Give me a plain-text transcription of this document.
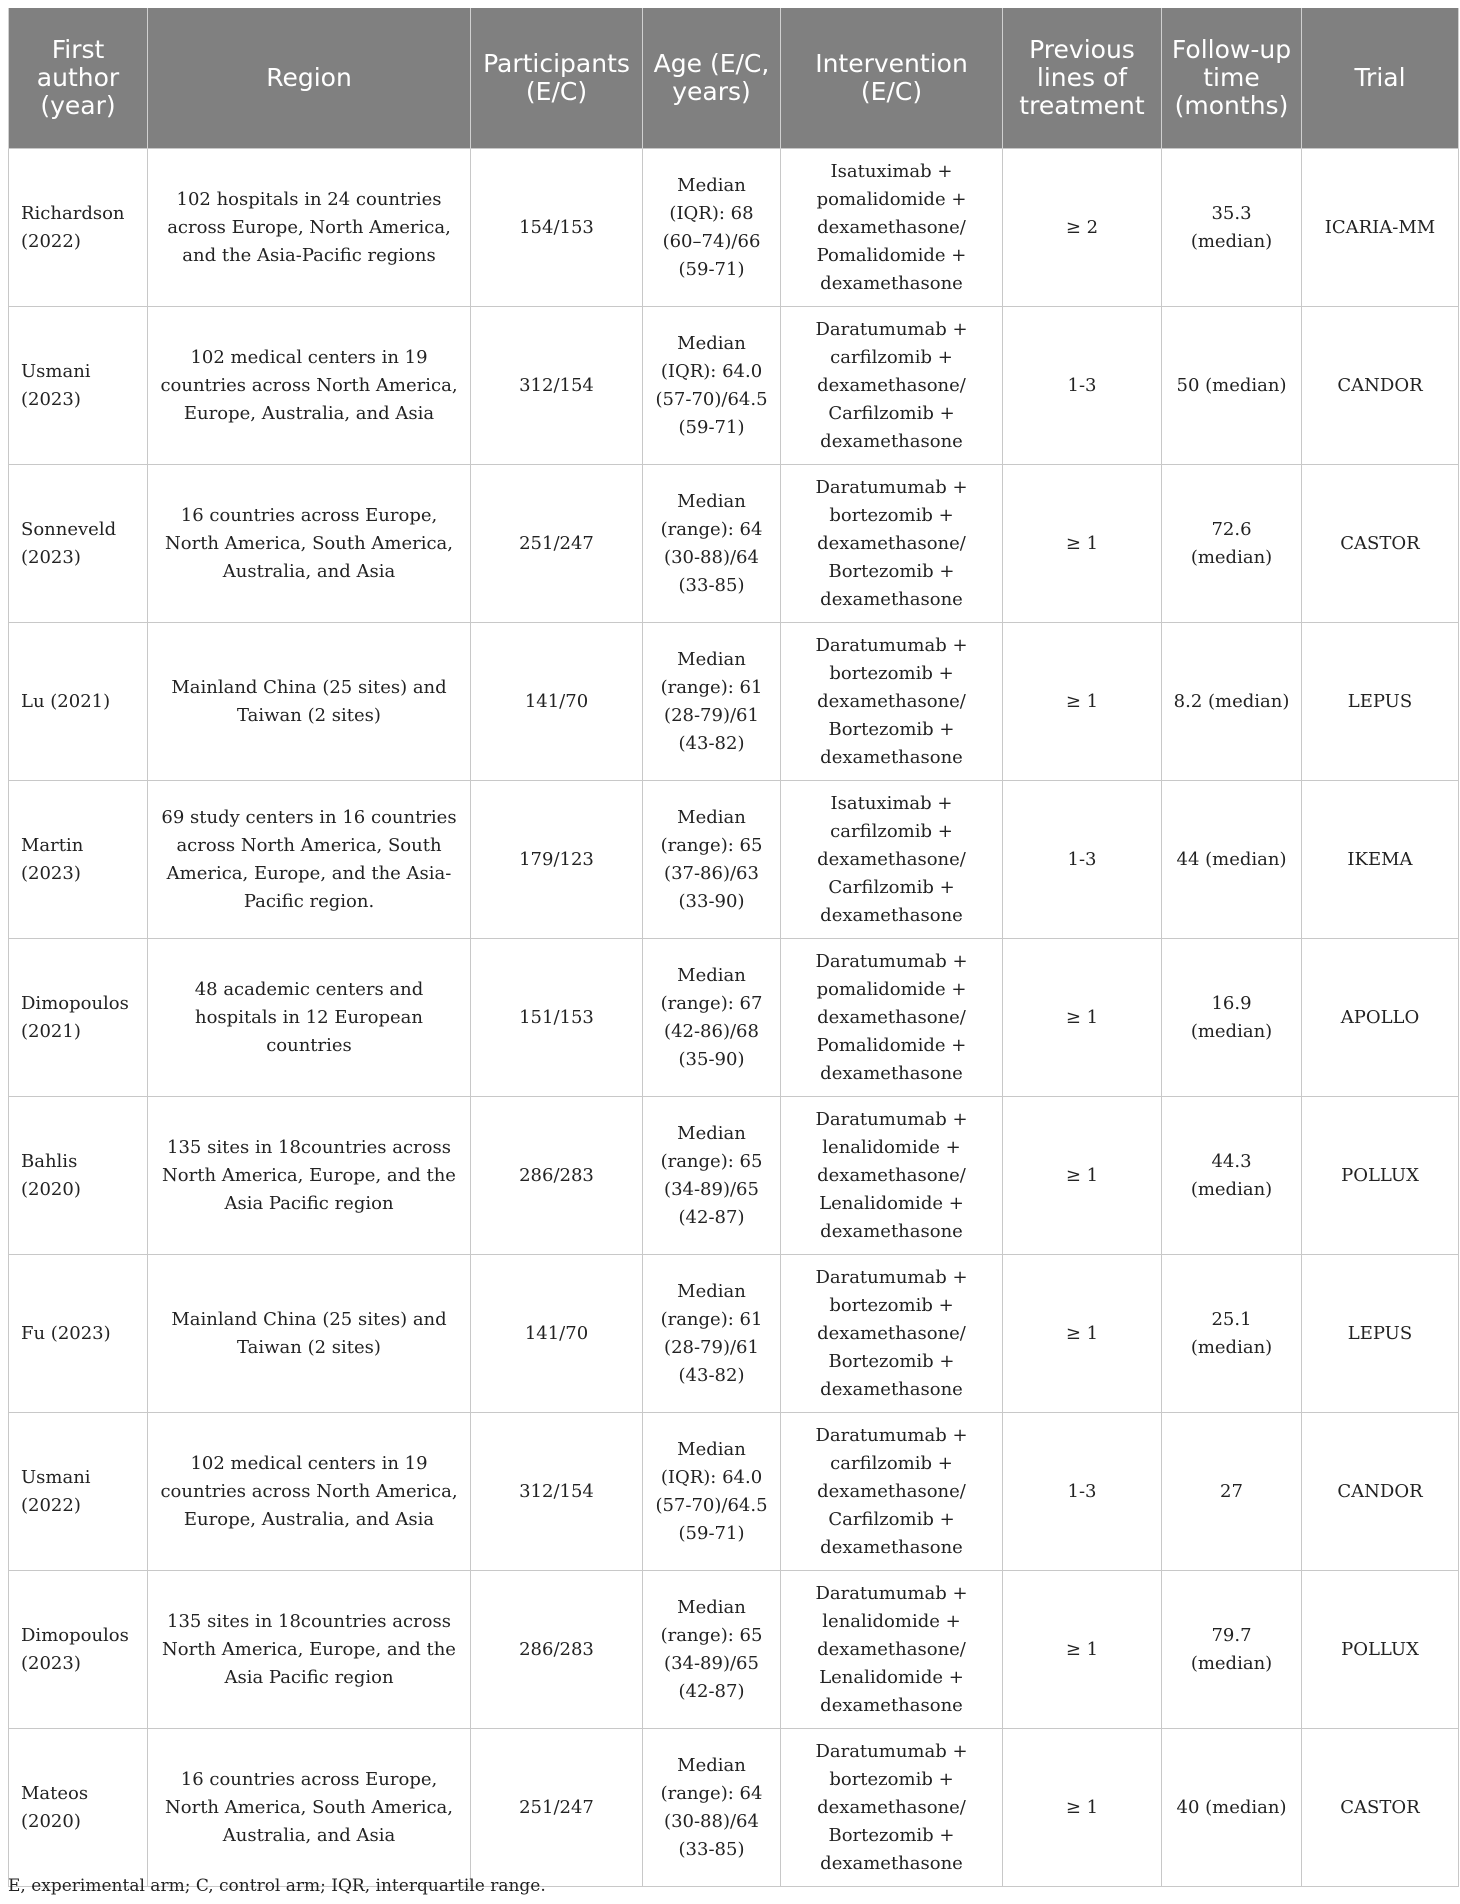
First author (year)	Region	Participants (E/C)	Age (E/C, years)	Intervention (E/C)	Previous lines of treatment	Follow-up time (months)	Trial
Richardson (2022)	102 hospitals in 24 countries across Europe, North America, and the Asia-Pacific regions	154/153	Median (IQR): 68 (60–74)/66 (59-71)	Isatuximab + pomalidomide + dexamethasone/ Pomalidomide + dexamethasone	≥ 2	35.3 (median)	ICARIA-MM
Usmani (2023)	102 medical centers in 19 countries across North America, Europe, Australia, and Asia	312/154	Median (IQR): 64.0 (57-70)/64.5 (59-71)	Daratumumab + carfilzomib + dexamethasone/ Carfilzomib + dexamethasone	1-3	50 (median)	CANDOR
Sonneveld (2023)	16 countries across Europe, North America, South America, Australia, and Asia	251/247	Median (range): 64 (30-88)/64 (33-85)	Daratumumab + bortezomib + dexamethasone/ Bortezomib + dexamethasone	≥ 1	72.6 (median)	CASTOR
Lu (2021)	Mainland China (25 sites) and Taiwan (2 sites)	141/70	Median (range): 61 (28-79)/61 (43-82)	Daratumumab + bortezomib + dexamethasone/ Bortezomib + dexamethasone	≥ 1	8.2 (median)	LEPUS
Martin (2023)	69 study centers in 16 countries across North America, South America, Europe, and the Asia-Pacific region.	179/123	Median (range): 65 (37-86)/63 (33-90)	Isatuximab + carfilzomib + dexamethasone/ Carfilzomib + dexamethasone	1-3	44 (median)	IKEMA
Dimopoulos (2021)	48 academic centers and hospitals in 12 European countries	151/153	Median (range): 67 (42-86)/68 (35-90)	Daratumumab + pomalidomide + dexamethasone/ Pomalidomide + dexamethasone	≥ 1	16.9 (median)	APOLLO
Bahlis (2020)	135 sites in 18countries across North America, Europe, and the Asia Pacific region	286/283	Median (range): 65 (34-89)/65 (42-87)	Daratumumab + lenalidomide + dexamethasone/ Lenalidomide + dexamethasone	≥ 1	44.3 (median)	POLLUX
Fu (2023)	Mainland China (25 sites) and Taiwan (2 sites)	141/70	Median (range): 61 (28-79)/61 (43-82)	Daratumumab + bortezomib + dexamethasone/ Bortezomib + dexamethasone	≥ 1	25.1 (median)	LEPUS
Usmani (2022)	102 medical centers in 19 countries across North America, Europe, Australia, and Asia	312/154	Median (IQR): 64.0 (57-70)/64.5 (59-71)	Daratumumab + carfilzomib + dexamethasone/ Carfilzomib + dexamethasone	1-3	27	CANDOR
Dimopoulos (2023)	135 sites in 18countries across North America, Europe, and the Asia Pacific region	286/283	Median (range): 65 (34-89)/65 (42-87)	Daratumumab + lenalidomide + dexamethasone/ Lenalidomide + dexamethasone	≥ 1	79.7 (median)	POLLUX
Mateos (2020)	16 countries across Europe, North America, South America, Australia, and Asia	251/247	Median (range): 64 (30-88)/64 (33-85)	Daratumumab + bortezomib + dexamethasone/ Bortezomib + dexamethasone	≥ 1	40 (median)	CASTOR
E, experimental arm; C, control arm; IQR, interquartile range.
